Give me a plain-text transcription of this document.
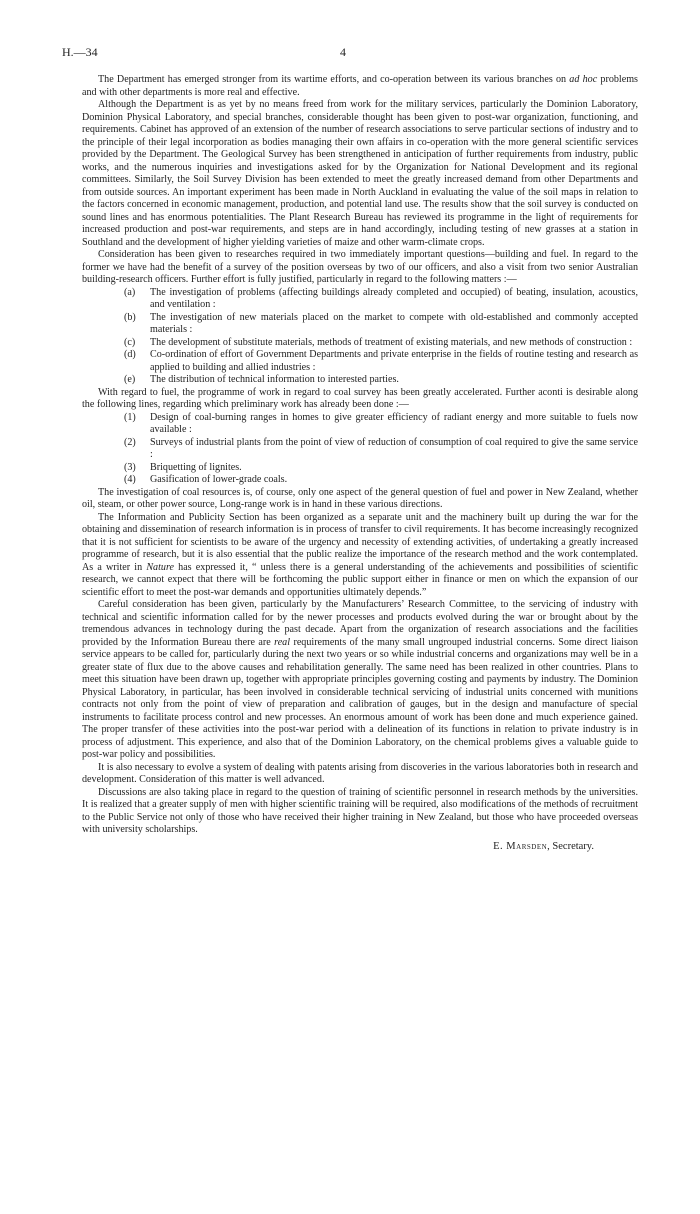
H.—34	4

The Department has emerged stronger from its wartime efforts, and co-operation between its various branches on ad hoc problems and with other departments is more real and effective.

Although the Department is as yet by no means freed from work for the military services, particularly the Dominion Laboratory, Dominion Physical Laboratory, and special branches, considerable thought has been given to post-war organization, functioning, and requirements. Cabinet has approved of an extension of the number of research associations to serve particular sections of industry and to the principle of their legal incorporation as bodies managing their own affairs in co-operation with the more general scientific services provided by the Department. The Geological Survey has been strengthened in anticipation of further requirements from industry, public works, and the numerous inquiries and investigations asked for by the Organization for National Development and its regional committees. Similarly, the Soil Survey Division has been extended to meet the greatly increased demand from other Departments and from outside sources. An important experiment has been made in North Auckland in evaluating the value of the soil maps in relation to the factors concerned in economic management, production, and potential land use. The results show that the soil survey is conducted on sound lines and has enormous potentialities. The Plant Research Bureau has reviewed its programme in the light of requirements for increased production and post-war requirements, and steps are in hand accordingly, including testing of new grasses at a station in Southland and the development of higher yielding varieties of maize and other warm-climate crops.

Consideration has been given to researches required in two immediately important questions—building and fuel. In regard to the former we have had the benefit of a survey of the position overseas by two of our officers, and also a visit from two senior Australian building-research officers. Further effort is fully justified, particularly in regard to the following matters :—

(a) The investigation of problems (affecting buildings already completed and occupied) of beating, insulation, acoustics, and ventilation :
(b) The investigation of new materials placed on the market to compete with old-established and commonly accepted materials :
(c) The development of substitute materials, methods of treatment of existing materials, and new methods of construction :
(d) Co-ordination of effort of Government Departments and private enterprise in the fields of routine testing and research as applied to building and allied industries :
(e) The distribution of technical information to interested parties.

With regard to fuel, the programme of work in regard to coal survey has been greatly accelerated. Further aconti is desirable along the following lines, regarding which preliminary work has already been done :—

(1) Design of coal-burning ranges in homes to give greater efficiency of radiant energy and more suitable to fuels now available :
(2) Surveys of industrial plants from the point of view of reduction of consumption of coal required to give the same service :
(3) Briquetting of lignites.
(4) Gasification of lower-grade coals.

The investigation of coal resources is, of course, only one aspect of the general question of fuel and power in New Zealand, whether oil, steam, or other power source, Long-range work is in hand in these various directions.

The Information and Publicity Section has been organized as a separate unit and the machinery built up during the war for the obtaining and dissemination of research information is in process of transfer to civil requirements. It has become increasingly recognized that it is not sufficient for scientists to be aware of the urgency and necessity of extending activities, of undertaking a greatly increased programme of research, but it is also essential that the public realize the importance of the research method and the work contemplated. As a writer in Nature has expressed it, “ unless there is a general understanding of the achievements and possibilities of scientific research, we cannot expect that there will be forthcoming the public support either in finance or men on which the expansion of our scientific effort to meet the post-war demands and opportunities ultimately depends.”

Careful consideration has been given, particularly by the Manufacturers’ Research Committee, to the servicing of industry with technical and scientific information called for by the newer processes and products evolved during the war or brought about by the tremendous advances in technology during the past decade. Apart from the organization of research associations and the facilities provided by the Information Bureau there are real requirements of the many small ungrouped industrial concerns. Some direct liaison service appears to be called for, particularly during the next two years or so while industrial concerns and organizations may well be in a greater state of flux due to the above causes and rehabilitation generally. The same need has been realized in other countries. Plans to meet this situation have been drawn up, together with appropriate principles governing costing and payments by industry. The Dominion Physical Laboratory, in particular, has been involved in considerable technical servicing of industrial units concerned with munitions contracts not only from the point of view of preparation and calibration of gauges, but in the design and manufacture of special instruments to facilitate process control and new processes. An enormous amount of work has been done and much experience gained. The proper transfer of these activities into the post-war period with a delineation of its functions in relation to private industry is in process of adjustment. This experience, and also that of the Dominion Laboratory, on the chemical problems gives a valuable guide to post-war policy and possibilities.

It is also necessary to evolve a system of dealing with patents arising from discoveries in the various laboratories both in research and development. Consideration of this matter is well advanced.

Discussions are also taking place in regard to the question of training of scientific personnel in research methods by the universities. It is realized that a greater supply of men with higher scientific training will be required, also modifications of the methods of recruitment to the Public Service not only of those who have received their higher training in New Zealand, but those who have proceeded overseas with university scholarships.

E. Marsden, Secretary.
